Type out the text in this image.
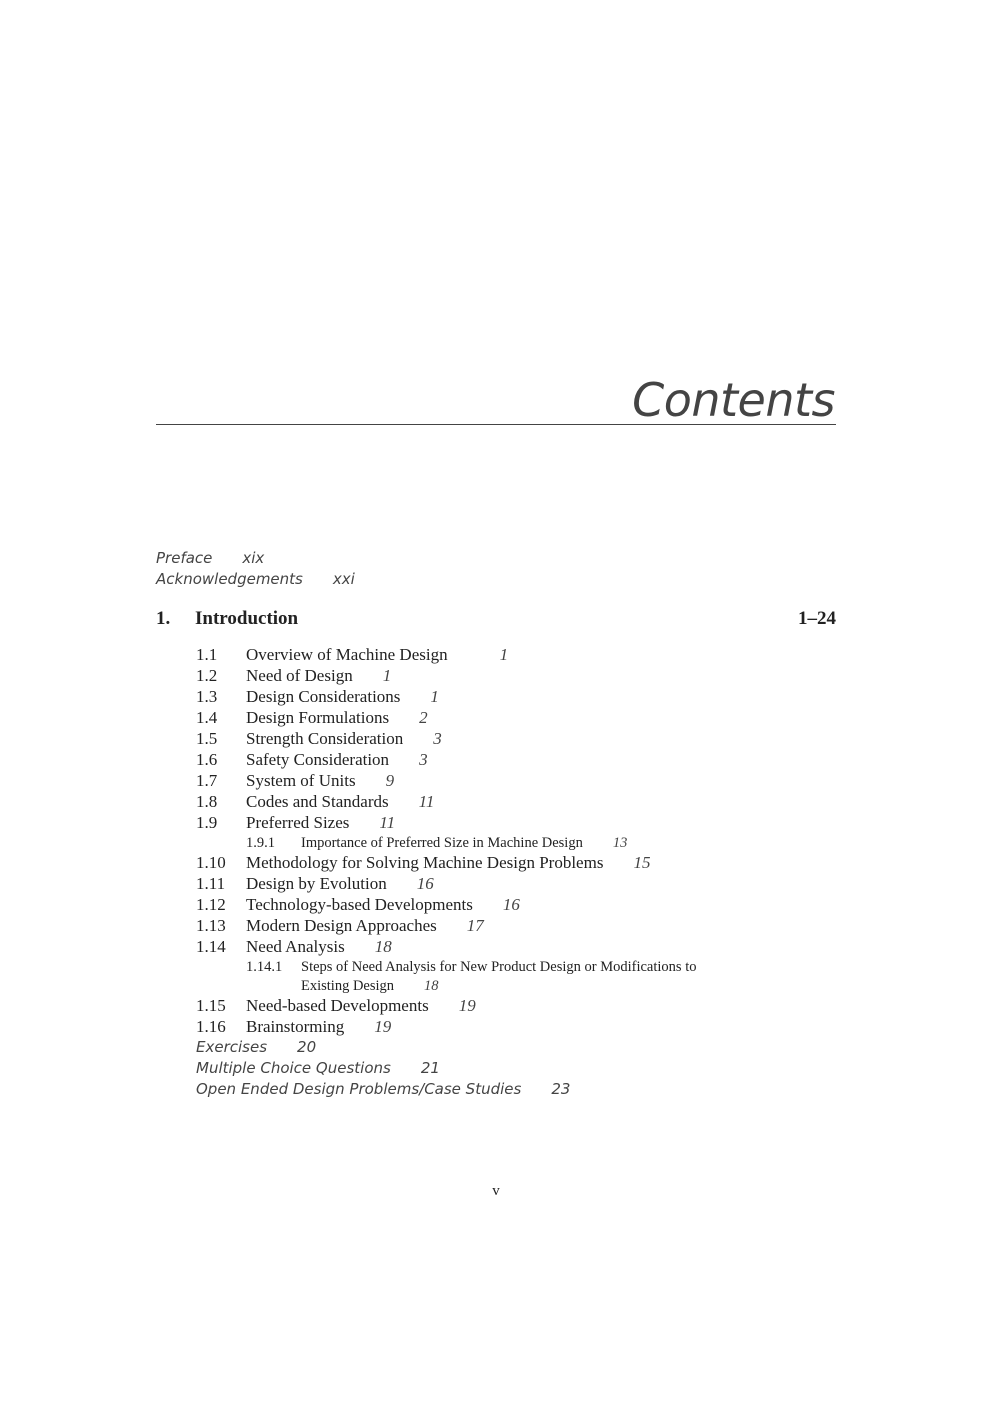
Contents
Preface xix
Acknowledgements xxi
1. Introduction	1–24
1.1 Overview of Machine Design	1
1.2 Need of Design 1
1.3 Design Considerations 1
1.4 Design Formulations 2
1.5 Strength Consideration 3
1.6 Safety Consideration 3
1.7 System of Units 9
1.8 Codes and Standards 11
1.9 Preferred Sizes 11
1.9.1 Importance of Preferred Size in Machine Design 13
1.10 Methodology for Solving Machine Design Problems 15
1.11 Design by Evolution 16
1.12 Technology-based Developments 16
1.13 Modern Design Approaches 17
1.14 Need Analysis 18
1.14.1 Steps of Need Analysis for New Product Design or Modifications to
Existing Design 18
1.15 Need-based Developments 19
1.16 Brainstorming 19
Exercises 20
Multiple Choice Questions 21
Open Ended Design Problems/Case Studies 23
v
